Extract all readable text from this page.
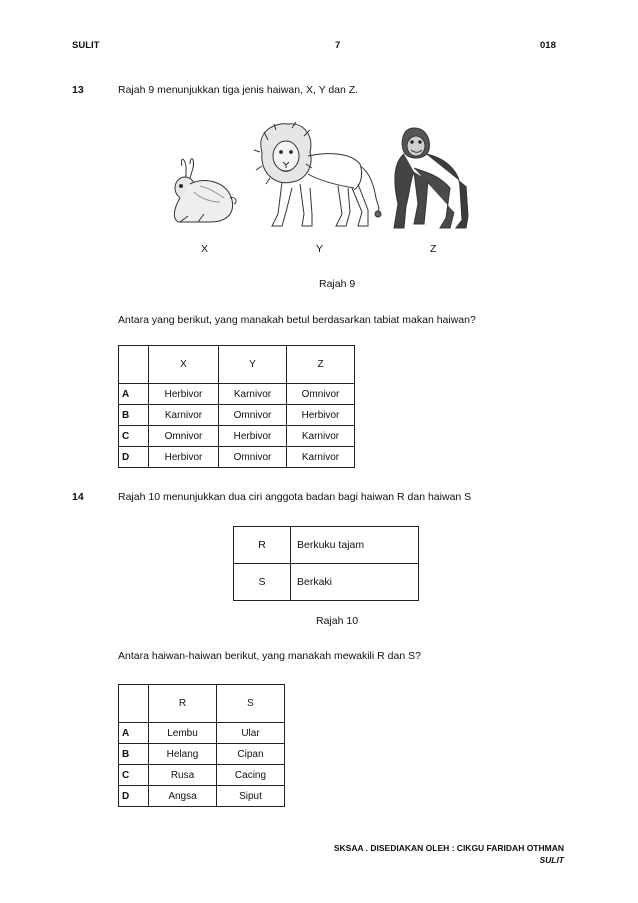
SULIT	7	018
13	Rajah 9 menunjukkan tiga jenis haiwan, X, Y dan Z.
X	Y	Z
Rajah 9
Antara yang berikut, yang manakah betul berdasarkan tabiat makan haiwan?
	X	Y	Z
A	Herbivor	Karnivor	Omnivor
B	Karnivor	Omnivor	Herbivor
C	Omnivor	Herbivor	Karnivor
D	Herbivor	Omnivor	Karnivor
14	Rajah 10 menunjukkan dua ciri anggota badan bagi haiwan R dan haiwan S
R	Berkuku tajam
S	Berkaki
Rajah 10
Antara haiwan-haiwan berikut, yang manakah mewakili R dan S?
	R	S
A	Lembu	Ular
B	Helang	Cipan
C	Rusa	Cacing
D	Angsa	Siput
SKSAA . DISEDIAKAN OLEH : CIKGU FARIDAH OTHMAN
SULIT
